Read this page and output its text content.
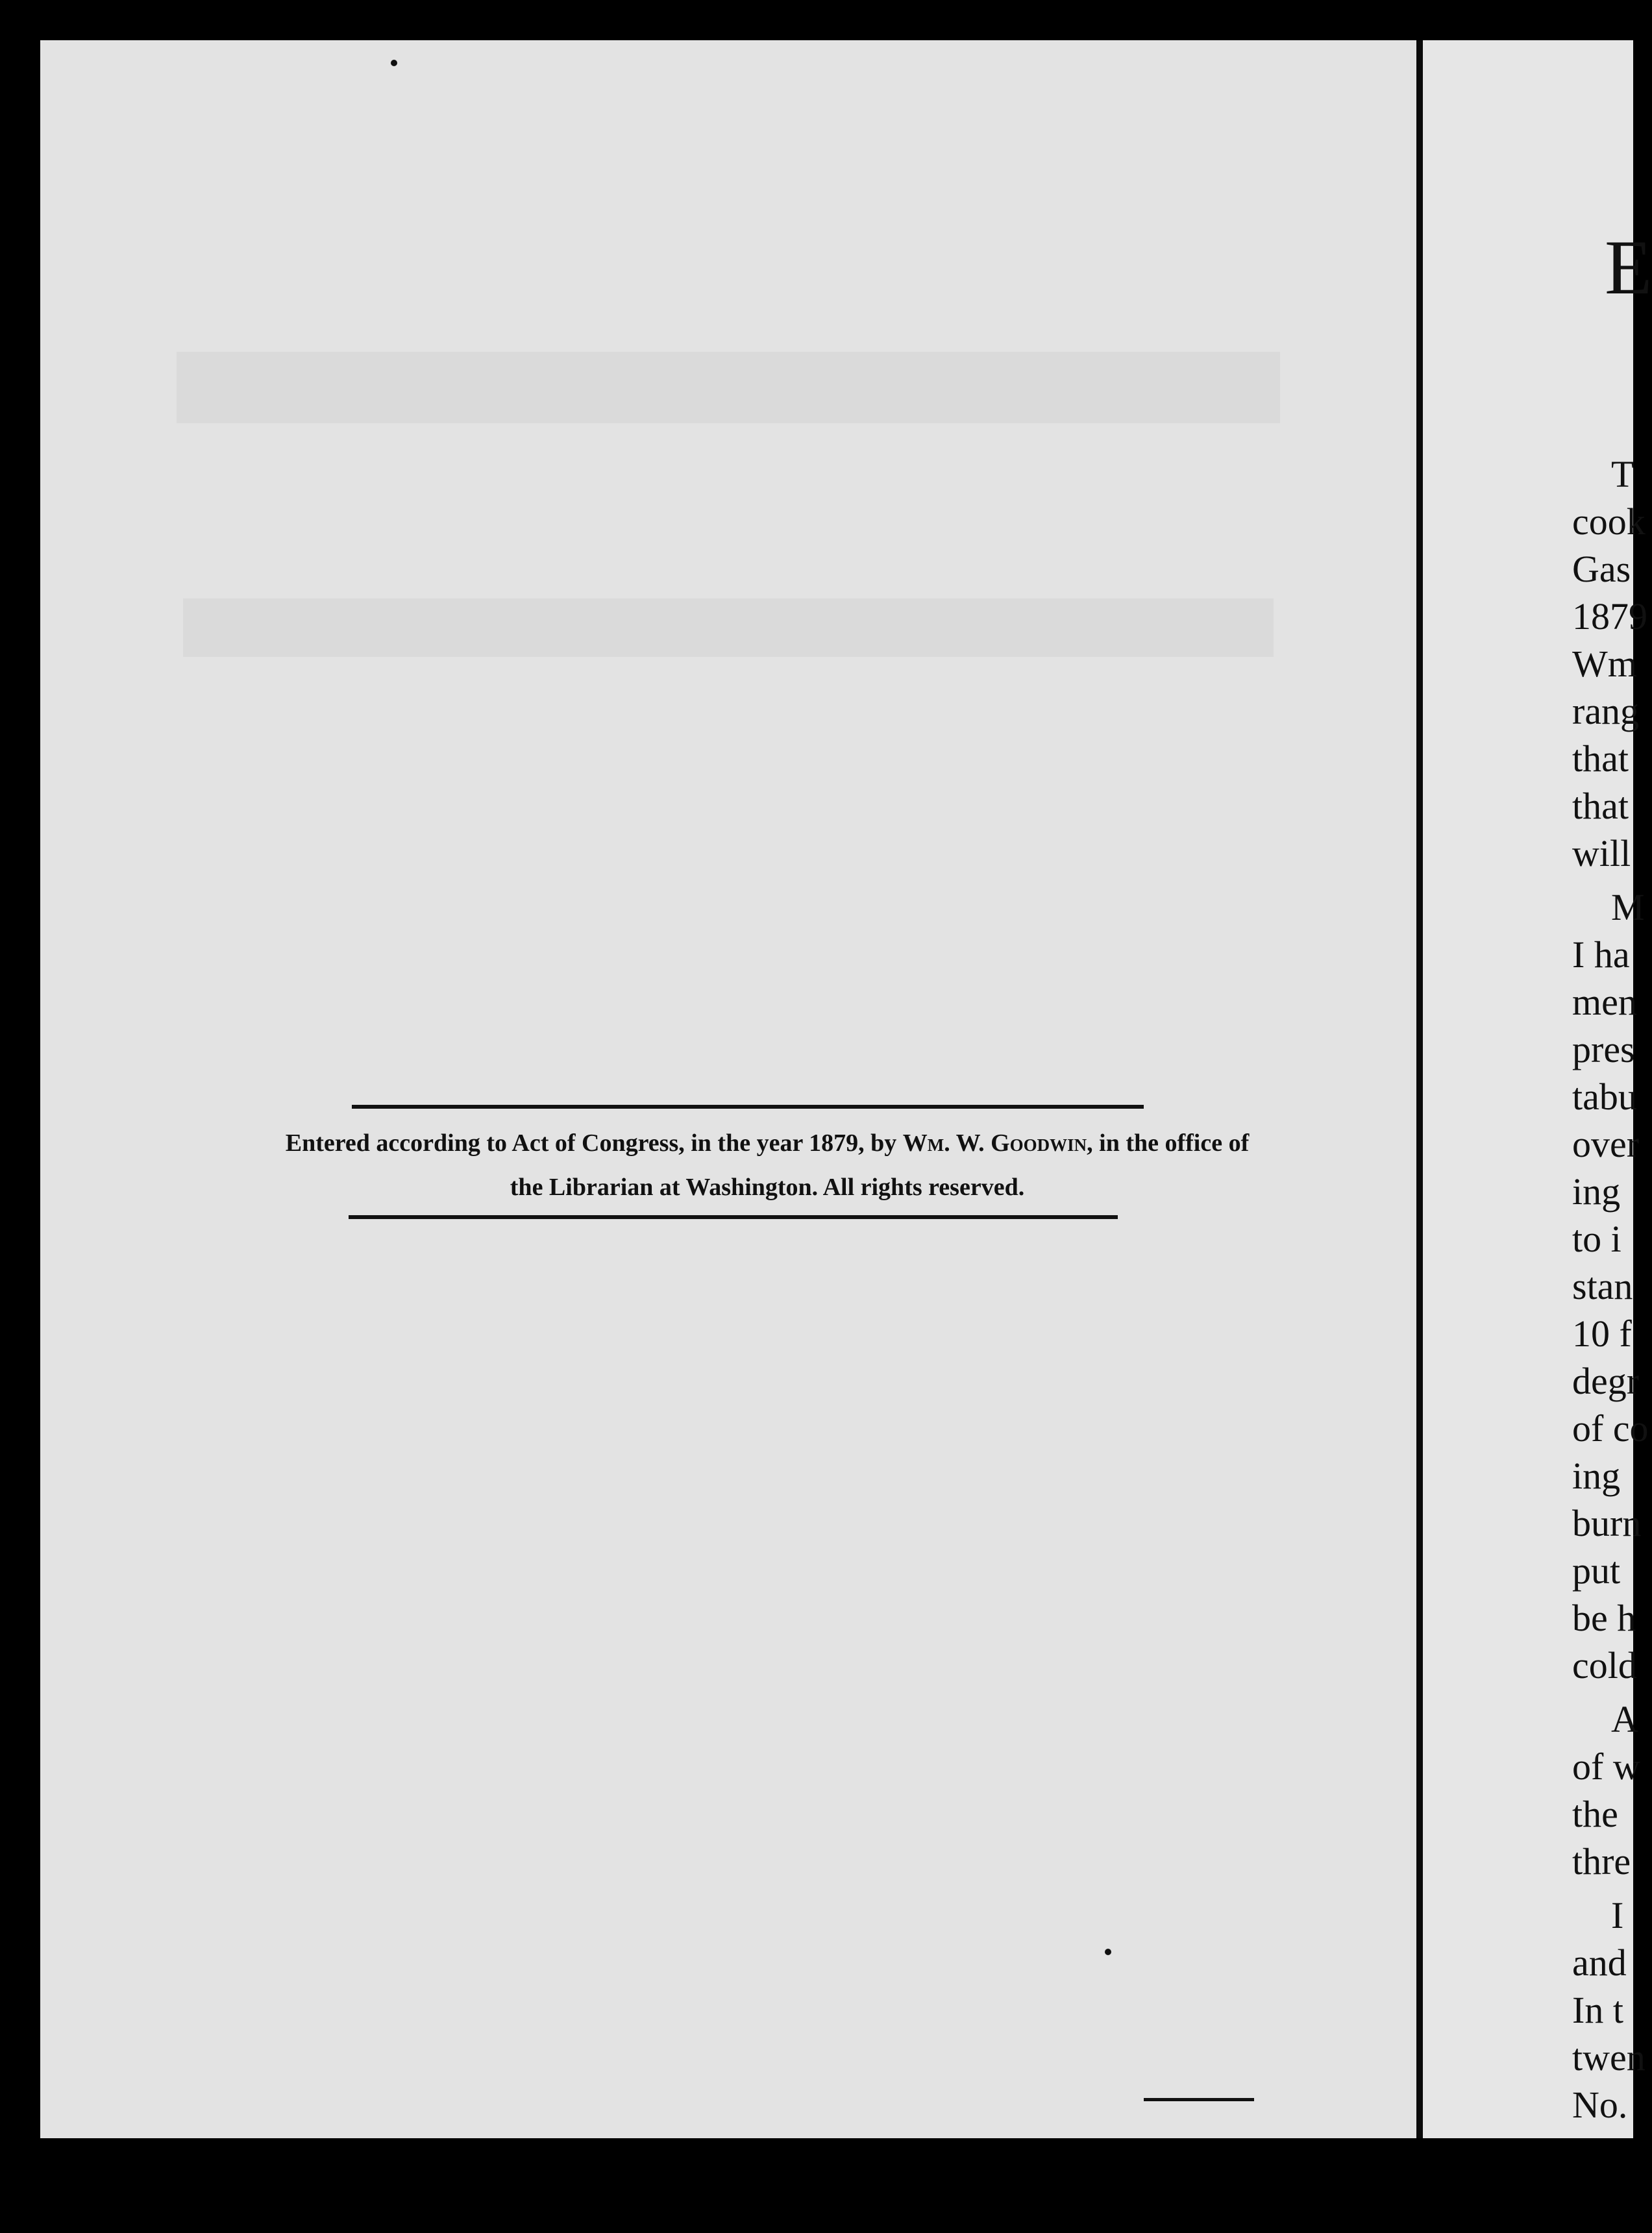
Entered according to Act of Congress, in the year 1879, by Wm. W. Goodwin, in the office of
the Librarian at Washington. All rights reserved.
E
T
cook
Gas
1879
Wm
rang
that
that
will
M
I ha
men
pres
tabu
over
ing
to i
stan
10 f
degr
of co
ing
burn
put
be h
cold
A
of w
the
thre
I
and
In t
twen
No.
